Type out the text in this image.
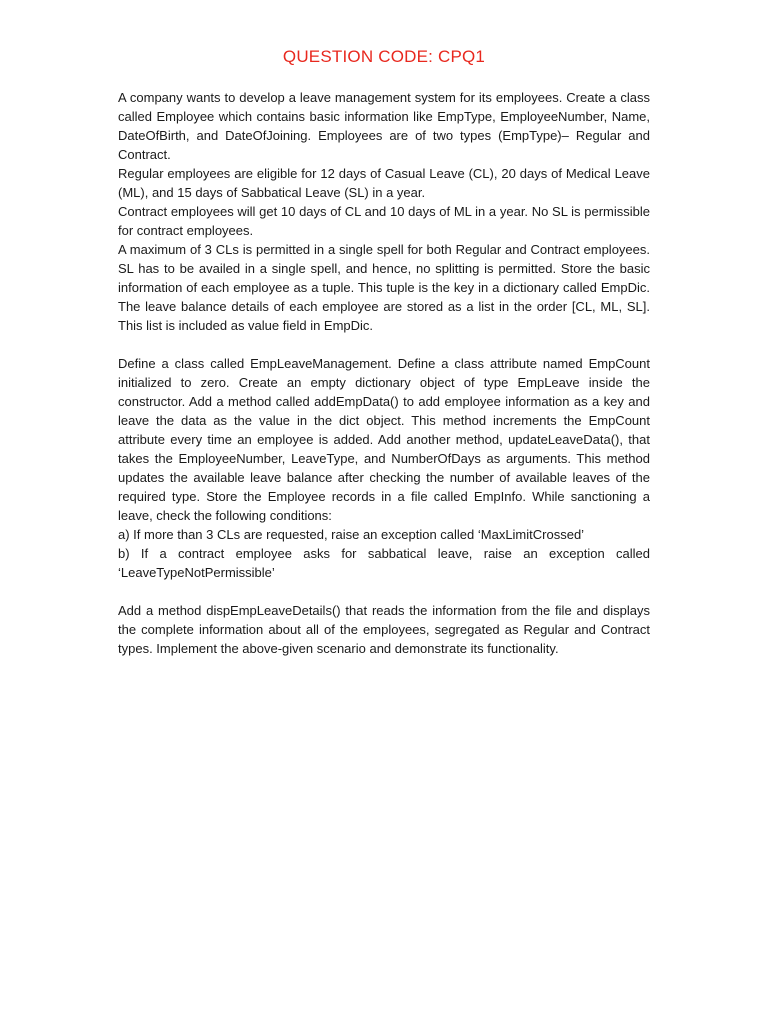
QUESTION CODE: CPQ1

A company wants to develop a leave management system for its employees. Create a class called Employee which contains basic information like EmpType, EmployeeNumber, Name, DateOfBirth, and DateOfJoining. Employees are of two types (EmpType)– Regular and Contract.

Regular employees are eligible for 12 days of Casual Leave (CL), 20 days of Medical Leave (ML), and 15 days of Sabbatical Leave (SL) in a year.

Contract employees will get 10 days of CL and 10 days of ML in a year. No SL is permissible for contract employees.

A maximum of 3 CLs is permitted in a single spell for both Regular and Contract employees. SL has to be availed in a single spell, and hence, no splitting is permitted. Store the basic information of each employee as a tuple. This tuple is the key in a dictionary called EmpDic. The leave balance details of each employee are stored as a list in the order [CL, ML, SL]. This list is included as value field in EmpDic.

Define a class called EmpLeaveManagement. Define a class attribute named EmpCount initialized to zero. Create an empty dictionary object of type EmpLeave inside the constructor. Add a method called addEmpData() to add employee information as a key and leave the data as the value in the dict object. This method increments the EmpCount attribute every time an employee is added. Add another method, updateLeaveData(), that takes the EmployeeNumber, LeaveType, and NumberOfDays as arguments. This method updates the available leave balance after checking the number of available leaves of the required type. Store the Employee records in a file called EmpInfo. While sanctioning a leave, check the following conditions:

a) If more than 3 CLs are requested, raise an exception called ‘MaxLimitCrossed’

b) If a contract employee asks for sabbatical leave, raise an exception called ‘LeaveTypeNotPermissible’

Add a method dispEmpLeaveDetails() that reads the information from the file and displays the complete information about all of the employees, segregated as Regular and Contract types. Implement the above-given scenario and demonstrate its functionality.
